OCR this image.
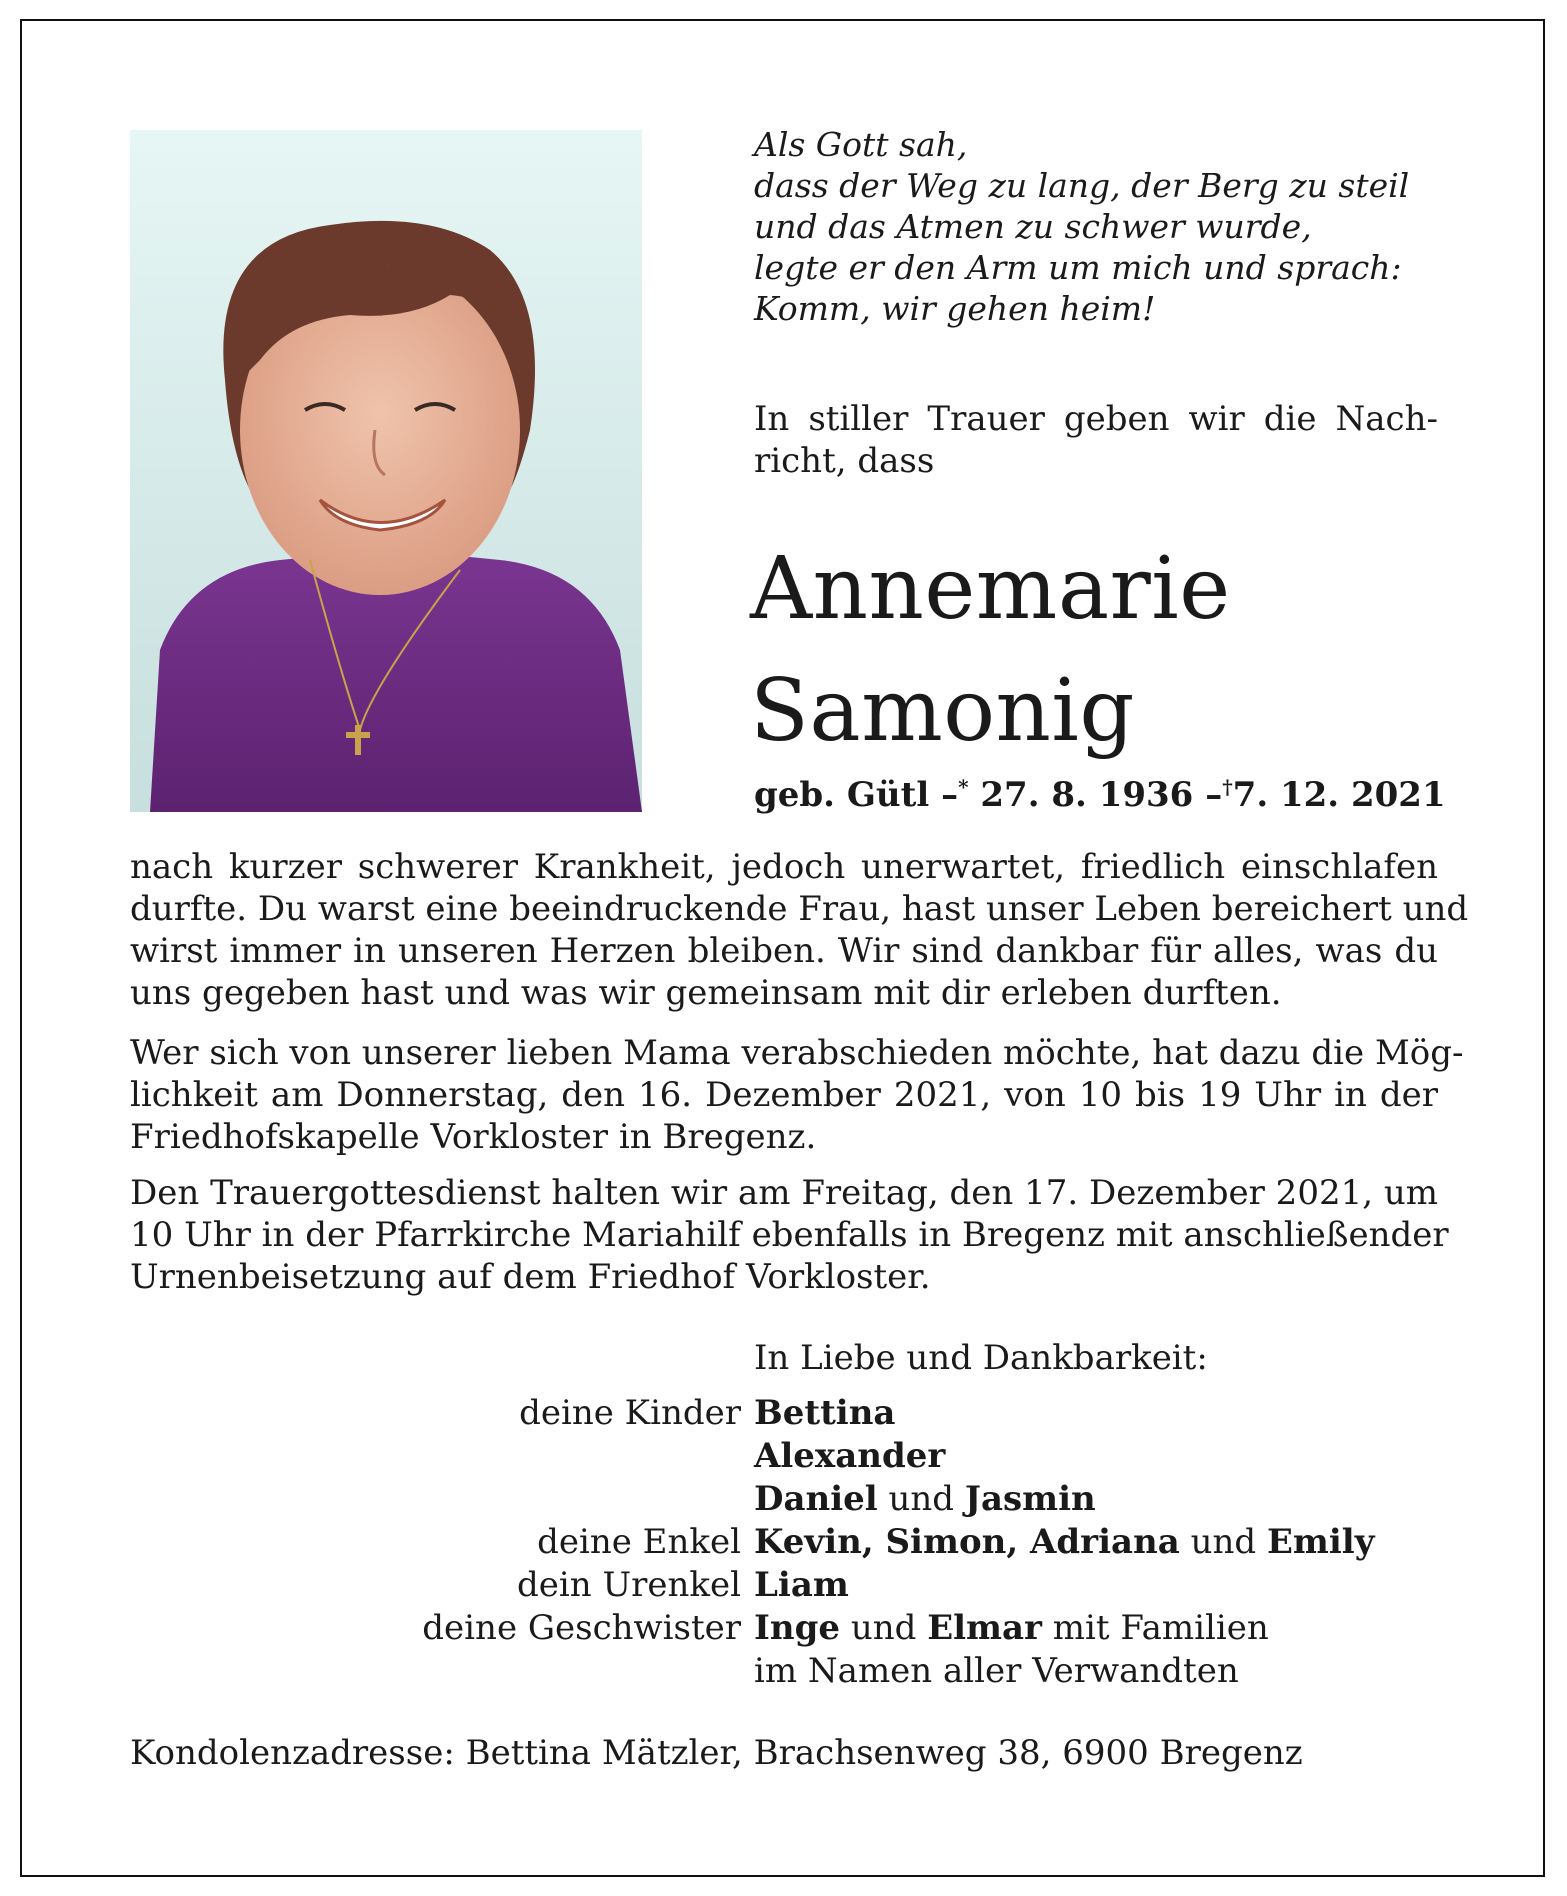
Als Gott sah,
dass der Weg zu lang, der Berg zu steil
und das Atmen zu schwer wurde,
legte er den Arm um mich und sprach:
Komm, wir gehen heim!
In stiller Trauer geben wir die Nach-
richt, dass
Annemarie
Samonig
geb. Gütl –* 27. 8. 1936 –†7. 12. 2021
nach kurzer schwerer Krankheit, jedoch unerwartet, friedlich einschlafen
durfte. Du warst eine beeindruckende Frau, hast unser Leben bereichert und
wirst immer in unseren Herzen bleiben. Wir sind dankbar für alles, was du
uns gegeben hast und was wir gemeinsam mit dir erleben durften.
Wer sich von unserer lieben Mama verabschieden möchte, hat dazu die Mög-
lichkeit am Donnerstag, den 16. Dezember 2021, von 10 bis 19 Uhr in der
Friedhofskapelle Vorkloster in Bregenz.
Den Trauergottesdienst halten wir am Freitag, den 17. Dezember 2021, um
10 Uhr in der Pfarrkirche Mariahilf ebenfalls in Bregenz mit anschließender
Urnenbeisetzung auf dem Friedhof Vorkloster.
In Liebe und Dankbarkeit:
deine Kinder Bettina
Alexander
Daniel und Jasmin
deine Enkel Kevin, Simon, Adriana und Emily
dein Urenkel Liam
deine Geschwister Inge und Elmar mit Familien
im Namen aller Verwandten
Kondolenzadresse: Bettina Mätzler, Brachsenweg 38, 6900 Bregenz
